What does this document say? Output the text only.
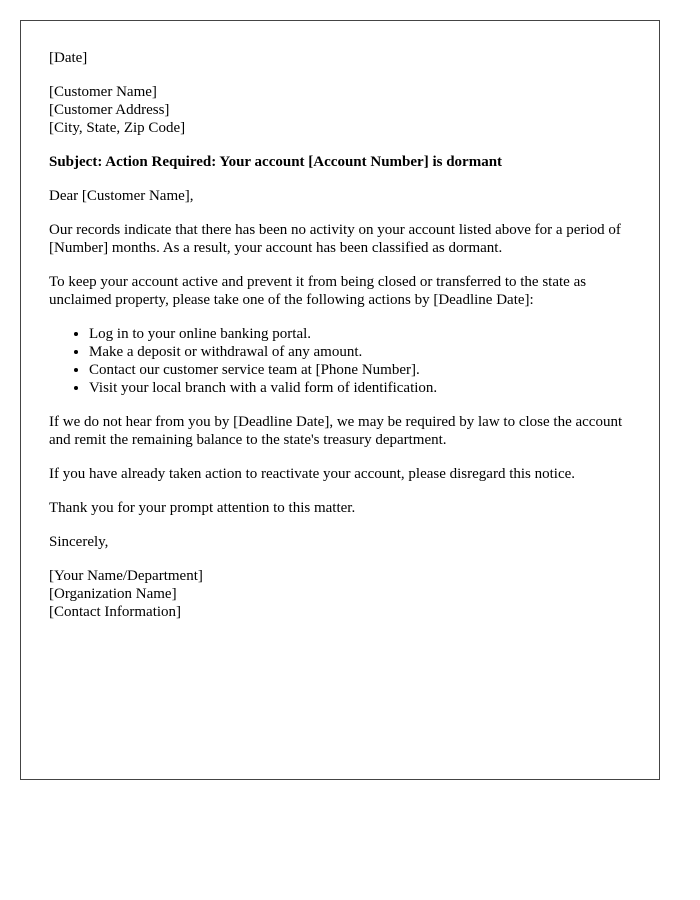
[Date]
[Customer Name]
[Customer Address]
[City, State, Zip Code]
Subject: Action Required: Your account [Account Number] is dormant
Dear [Customer Name],
Our records indicate that there has been no activity on your account listed above for a period of [Number] months. As a result, your account has been classified as dormant.
To keep your account active and prevent it from being closed or transferred to the state as unclaimed property, please take one of the following actions by [Deadline Date]:
• Log in to your online banking portal.
• Make a deposit or withdrawal of any amount.
• Contact our customer service team at [Phone Number].
• Visit your local branch with a valid form of identification.
If we do not hear from you by [Deadline Date], we may be required by law to close the account and remit the remaining balance to the state's treasury department.
If you have already taken action to reactivate your account, please disregard this notice.
Thank you for your prompt attention to this matter.
Sincerely,
[Your Name/Department]
[Organization Name]
[Contact Information]
